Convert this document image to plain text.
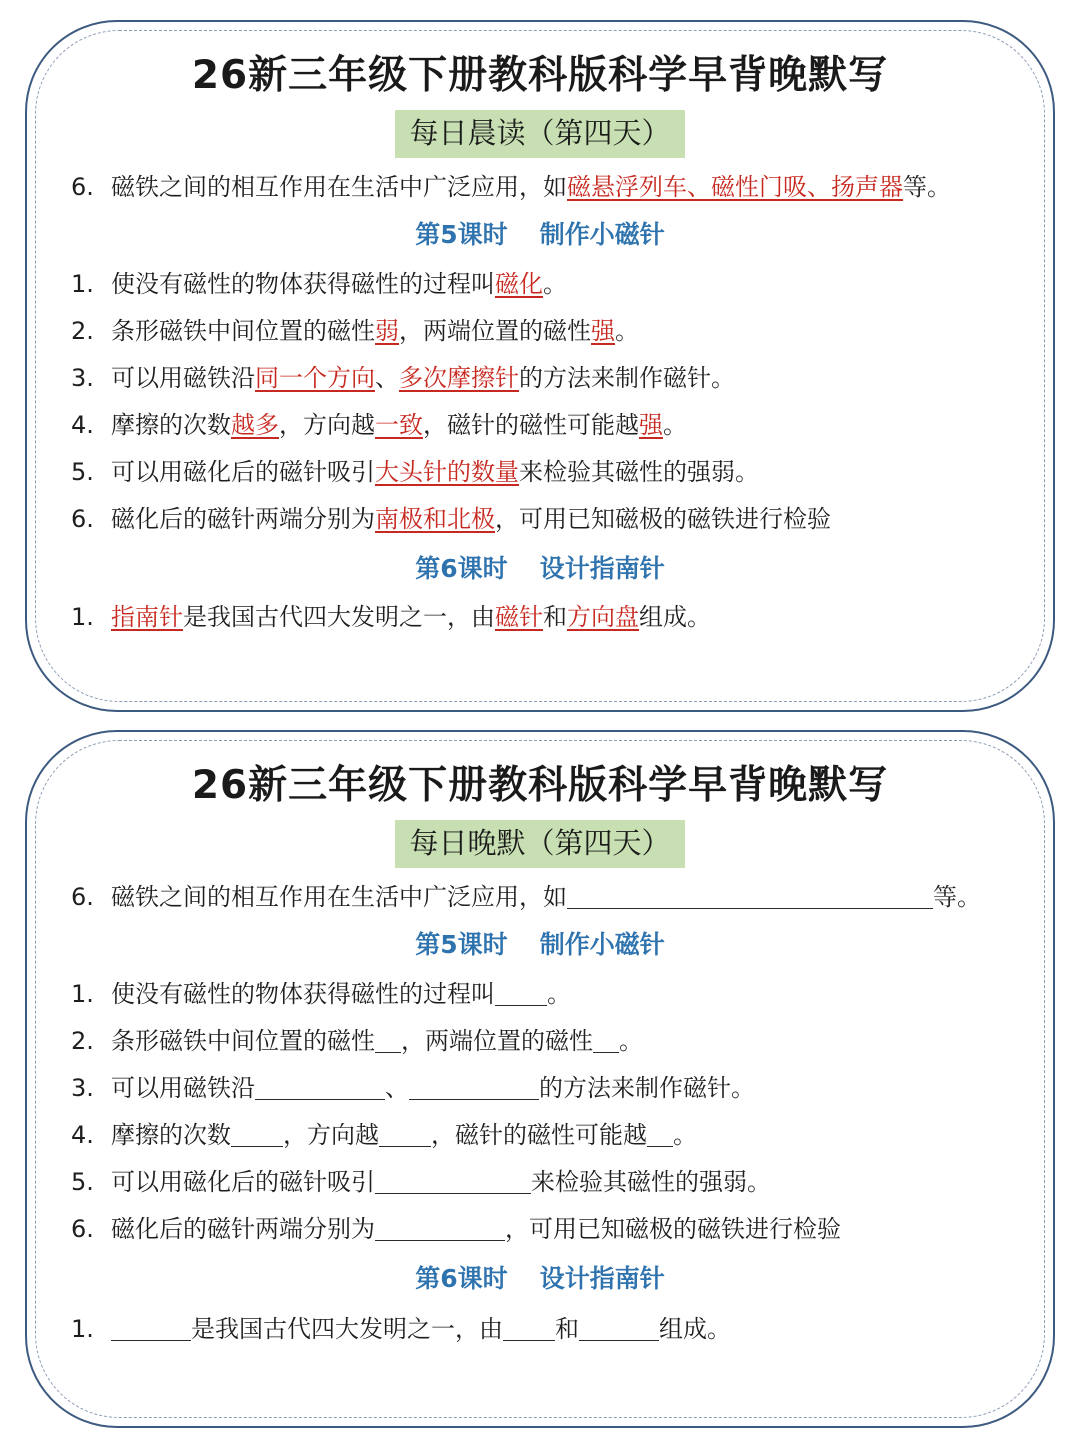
26新三年级下册教科版科学早背晚默写
每日晨读（第四天）
6. 磁铁之间的相互作用在生活中广泛应用，如磁悬浮列车、磁性门吸、扬声器等。
第5课时 制作小磁针
1. 使没有磁性的物体获得磁性的过程叫磁化。
2. 条形磁铁中间位置的磁性弱，两端位置的磁性强。
3. 可以用磁铁沿同一个方向、多次摩擦针的方法来制作磁针。
4. 摩擦的次数越多，方向越一致，磁针的磁性可能越强。
5. 可以用磁化后的磁针吸引大头针的数量来检验其磁性的强弱。
6. 磁化后的磁针两端分别为南极和北极，可用已知磁极的磁铁进行检验
第6课时 设计指南针
1. 指南针是我国古代四大发明之一，由磁针和方向盘组成。
26新三年级下册教科版科学早背晚默写
每日晚默（第四天）
6. 磁铁之间的相互作用在生活中广泛应用，如	等。
第5课时 制作小磁针
1. 使没有磁性的物体获得磁性的过程叫 。
2. 条形磁铁中间位置的磁性 ，两端位置的磁性 。
3. 可以用磁铁沿	、	的方法来制作磁针。
4. 摩擦的次数 ，方向越 ，磁针的磁性可能越 。
5. 可以用磁化后的磁针吸引	来检验其磁性的强弱。
6. 磁化后的磁针两端分别为	，可用已知磁极的磁铁进行检验
第6课时 设计指南针
1.	是我国古代四大发明之一，由 和	组成。
